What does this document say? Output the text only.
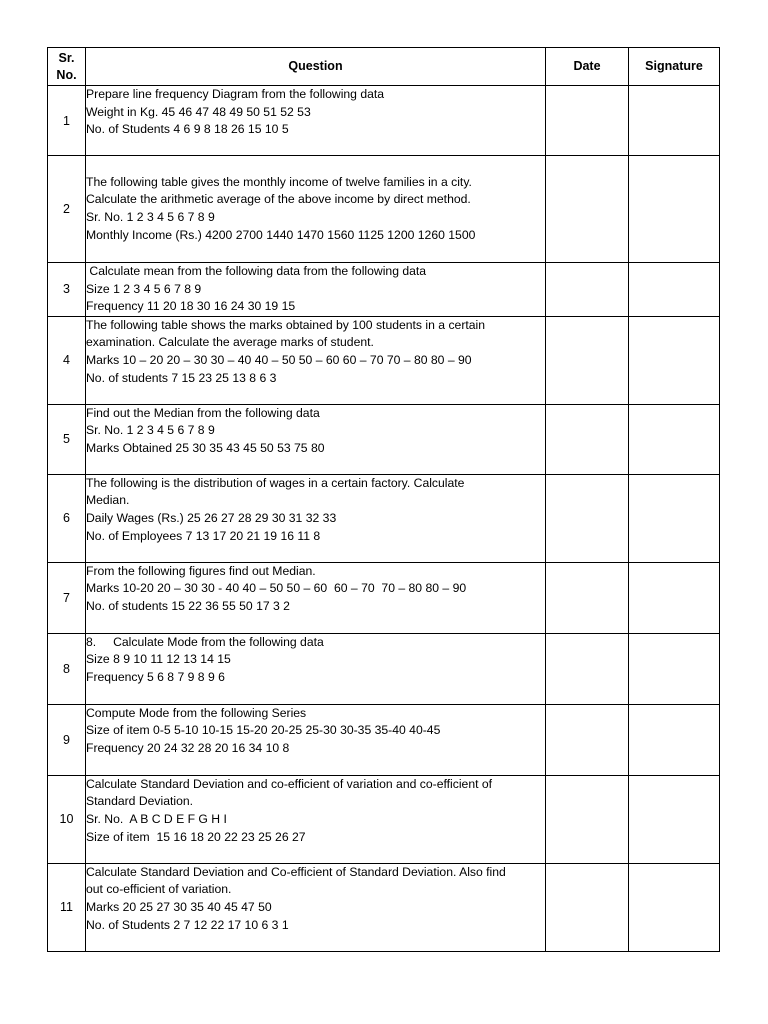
Sr.
No.	Question	Date	Signature
1	Prepare line frequency Diagram from the following data
Weight in Kg. 45 46 47 48 49 50 51 52 53
No. of Students 4 6 9 8 18 26 15 10 5		

2	The following table gives the monthly income of twelve families in a city.
Calculate the arithmetic average of the above income by direct method.
Sr. No. 1 2 3 4 5 6 7 8 9
Monthly Income (Rs.) 4200 2700 1440 1470 1560 1125 1200 1260 1500		

3	Calculate mean from the following data from the following data
Size 1 2 3 4 5 6 7 8 9
Frequency 11 20 18 30 16 24 30 19 15		

4	The following table shows the marks obtained by 100 students in a certain
examination. Calculate the average marks of student.
Marks 10 – 20 20 – 30 30 – 40 40 – 50 50 – 60 60 – 70 70 – 80 80 – 90
No. of students 7 15 23 25 13 8 6 3		

5	Find out the Median from the following data
Sr. No. 1 2 3 4 5 6 7 8 9
Marks Obtained 25 30 35 43 45 50 53 75 80		

6	The following is the distribution of wages in a certain factory. Calculate
Median.
Daily Wages (Rs.) 25 26 27 28 29 30 31 32 33
No. of Employees 7 13 17 20 21 19 16 11 8		

7	From the following figures find out Median.
Marks 10-20 20 – 30 30 - 40 40 – 50 50 – 60  60 – 70  70 – 80 80 – 90
No. of students 15 22 36 55 50 17 3 2		

8	8.     Calculate Mode from the following data
Size 8 9 10 11 12 13 14 15
Frequency 5 6 8 7 9 8 9 6		

9	Compute Mode from the following Series
Size of item 0-5 5-10 10-15 15-20 20-25 25-30 30-35 35-40 40-45
Frequency 20 24 32 28 20 16 34 10 8		

10	Calculate Standard Deviation and co-efficient of variation and co-efficient of
Standard Deviation.
Sr. No.  A B C D E F G H I
Size of item  15 16 18 20 22 23 25 26 27		

11	Calculate Standard Deviation and Co-efficient of Standard Deviation. Also find
out co-efficient of variation.
Marks 20 25 27 30 35 40 45 47 50
No. of Students 2 7 12 22 17 10 6 3 1		
